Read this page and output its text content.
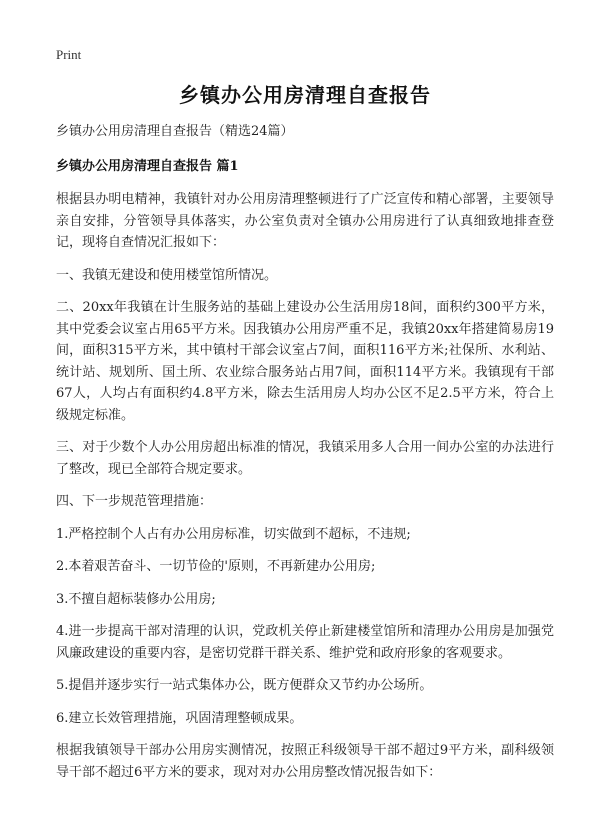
Print
乡镇办公用房清理自查报告
乡镇办公用房清理自查报告（精选24篇）
乡镇办公用房清理自查报告 篇1

根据县办明电精神，我镇针对办公用房清理整顿进行了广泛宣传和精心部署，主要领导亲自安排，分管领导具体落实，办公室负责对全镇办公用房进行了认真细致地排查登记，现将自查情况汇报如下：

一、我镇无建设和使用楼堂馆所情况。

二、20xx年我镇在计生服务站的基础上建设办公生活用房18间，面积约300平方米，其中党委会议室占用65平方米。因我镇办公用房严重不足，我镇20xx年搭建简易房19间，面积315平方米，其中镇村干部会议室占7间，面积116平方米;社保所、水利站、统计站、规划所、国土所、农业综合服务站占用7间，面积114平方米。我镇现有干部67人，人均占有面积约4.8平方米，除去生活用房人均办公区不足2.5平方米，符合上级规定标准。

三、对于少数个人办公用房超出标准的情况，我镇采用多人合用一间办公室的办法进行了整改，现已全部符合规定要求。

四、下一步规范管理措施：

1.严格控制个人占有办公用房标准，切实做到不超标，不违规;

2.本着艰苦奋斗、一切节俭的'原则，不再新建办公用房;

3.不擅自超标装修办公用房;

4.进一步提高干部对清理的认识，党政机关停止新建楼堂馆所和清理办公用房是加强党风廉政建设的重要内容，是密切党群干群关系、维护党和政府形象的客观要求。

5.提倡并逐步实行一站式集体办公，既方便群众又节约办公场所。

6.建立长效管理措施，巩固清理整顿成果。

根据我镇领导干部办公用房实测情况，按照正科级领导干部不超过9平方米，副科级领导干部不超过6平方米的要求，现对对办公用房整改情况报告如下：
